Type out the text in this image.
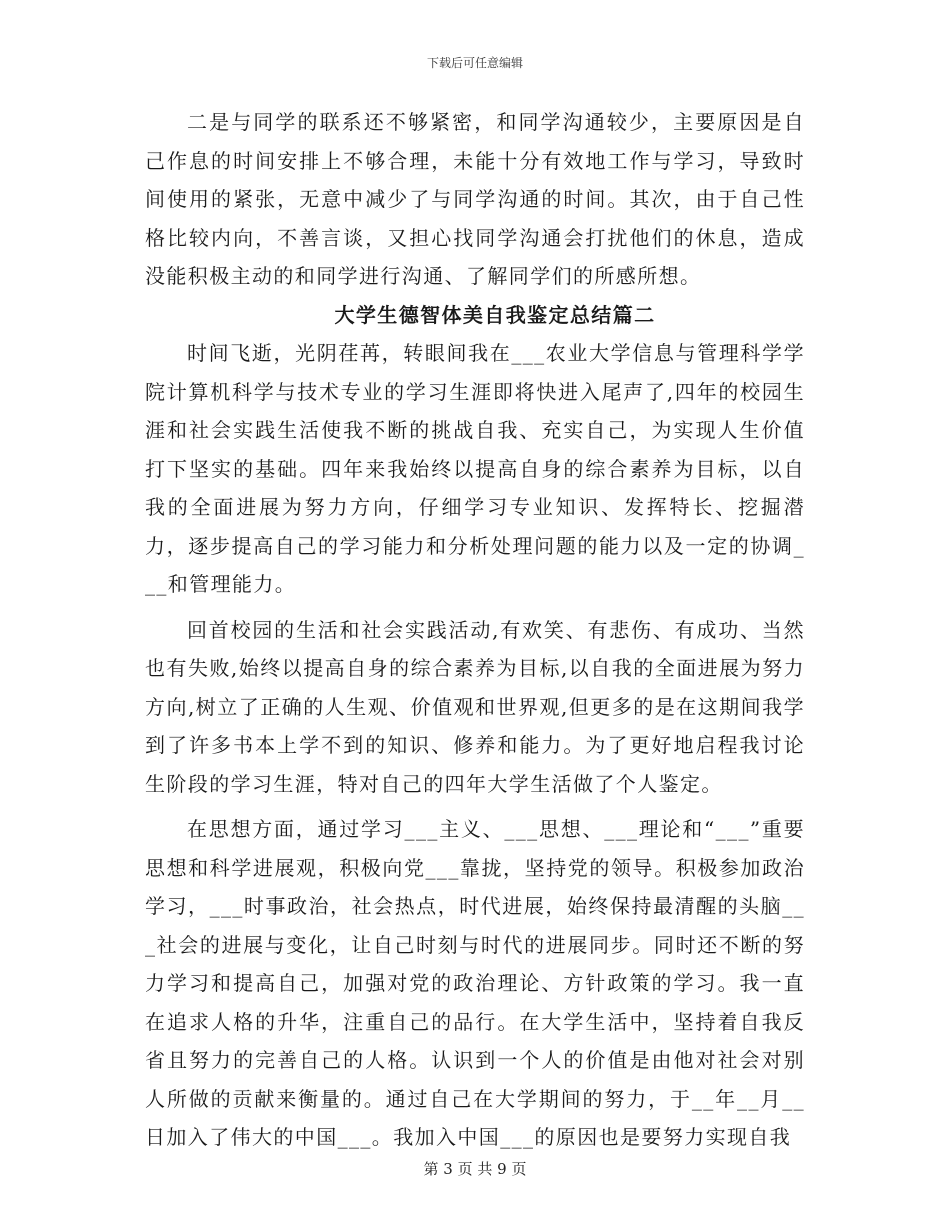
下载后可任意编辑

二是与同学的联系还不够紧密，和同学沟通较少，主要原因是自己作息的时间安排上不够合理，未能十分有效地工作与学习，导致时间使用的紧张，无意中减少了与同学沟通的时间。其次，由于自己性格比较内向，不善言谈，又担心找同学沟通会打扰他们的休息，造成没能积极主动的和同学进行沟通、了解同学们的所感所想。

大学生德智体美自我鉴定总结篇二

时间飞逝，光阴荏苒，转眼间我在___农业大学信息与管理科学学院计算机科学与技术专业的学习生涯即将快进入尾声了,四年的校园生涯和社会实践生活使我不断的挑战自我、充实自己，为实现人生价值打下坚实的基础。四年来我始终以提高自身的综合素养为目标，以自我的全面进展为努力方向，仔细学习专业知识、发挥特长、挖掘潜力，逐步提高自己的学习能力和分析处理问题的能力以及一定的协调___和管理能力。

回首校园的生活和社会实践活动,有欢笑、有悲伤、有成功、当然也有失败,始终以提高自身的综合素养为目标,以自我的全面进展为努力方向,树立了正确的人生观、价值观和世界观,但更多的是在这期间我学到了许多书本上学不到的知识、修养和能力。为了更好地启程我讨论生阶段的学习生涯，特对自己的四年大学生活做了个人鉴定。

在思想方面，通过学习___主义、___思想、___理论和“___”重要思想和科学进展观，积极向党___靠拢，坚持党的领导。积极参加政治学习，___时事政治，社会热点，时代进展，始终保持最清醒的头脑___社会的进展与变化，让自己时刻与时代的进展同步。同时还不断的努力学习和提高自己，加强对党的政治理论、方针政策的学习。我一直在追求人格的升华，注重自己的品行。在大学生活中，坚持着自我反省且努力的完善自己的人格。认识到一个人的价值是由他对社会对别人所做的贡献来衡量的。通过自己在大学期间的努力，于__年__月__日加入了伟大的中国___。我加入中国___的原因也是要努力实现自我

第 3 页 共 9 页
